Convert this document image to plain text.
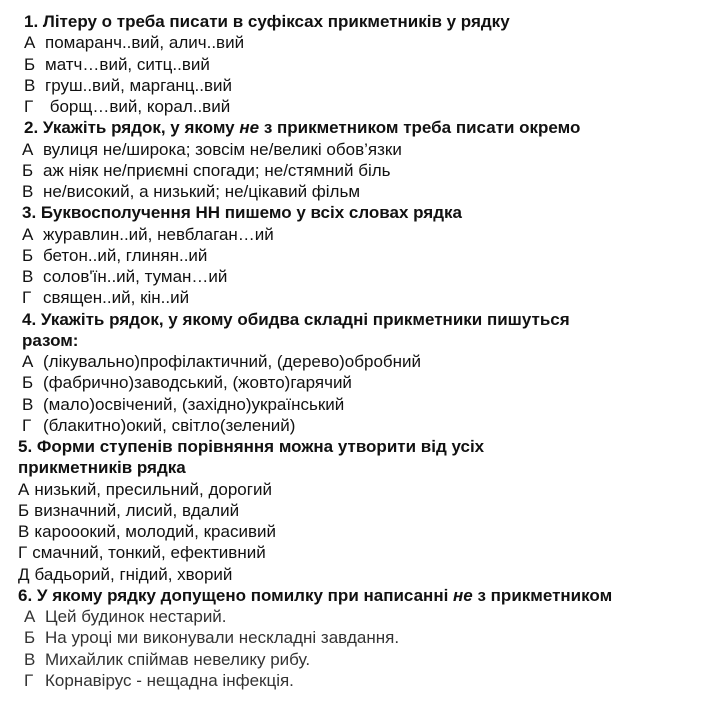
1. Літеру о треба писати в суфіксах прикметників у рядку
А помаранч..вий, алич..вий
Б матч…вий, ситц..вий
В груш..вий, марганц..вий
Г борщ…вий, корал..вий
2. Укажіть рядок, у якому не з прикметником треба писати окремо
А вулиця не/широка; зовсім не/великі обов’язки
Б аж ніяк не/приємні спогади; не/стямний біль
В не/високий, а низький; не/цікавий фільм
3. Буквосполучення НН пишемо у всіх словах рядка
А журавлин..ий, невблаган…ий
Б бетон..ий, глинян..ий
В солов'їн..ий, туман…ий
Г священ..ий, кін..ий
4. Укажіть рядок, у якому обидва складні прикметники пишуться
разом:
А (лікувально)профілактичний, (дерево)обробний
Б (фабрично)заводський, (жовто)гарячий
В (мало)освічений, (західно)український
Г (блакитно)окий, світло(зелений)
5. Форми ступенів порівняння можна утворити від усіх
прикметників рядка
А низький, пресильний, дорогий
Б визначний, лисий, вдалий
В карооокий, молодий, красивий
Г смачний, тонкий, ефективний
Д бадьорий, гнідий, хворий
6. У якому рядку допущено помилку при написанні не з прикметником
А Цей будинок нестарий.
Б На уроці ми виконували нескладні завдання.
В Михайлик спіймав невелику рибу.
Г Корнавірус - нещадна інфекція.
